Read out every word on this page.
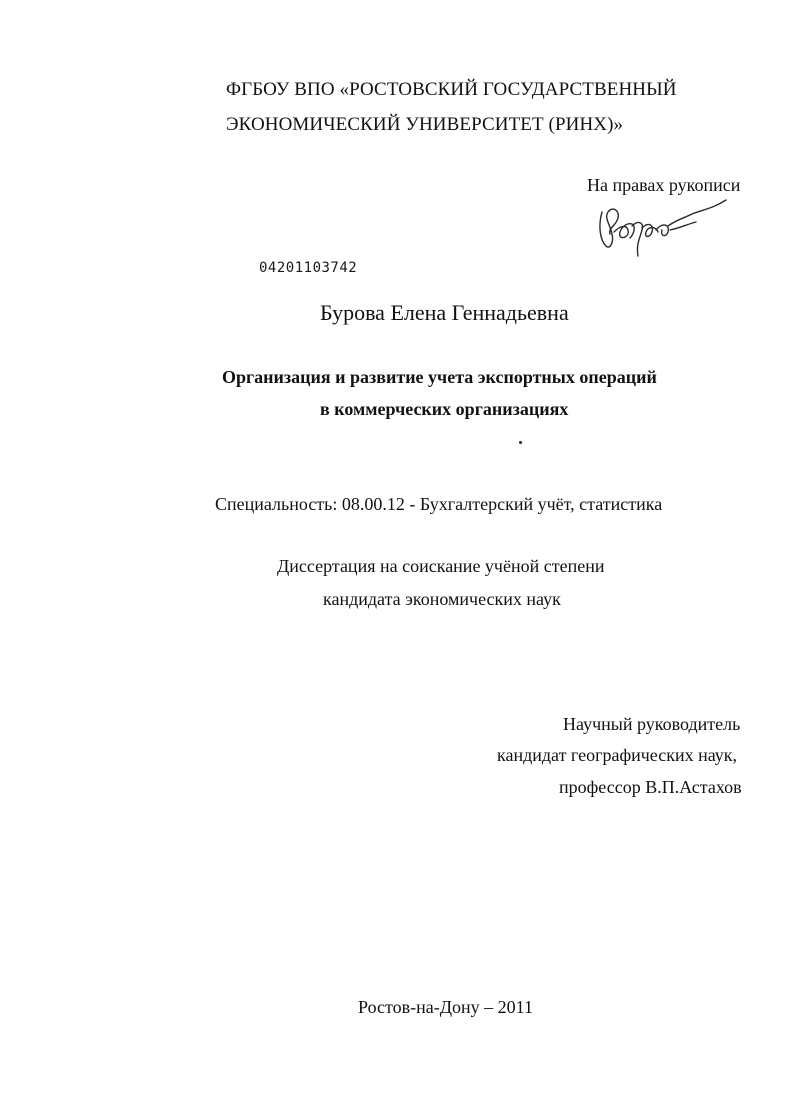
ФГБОУ ВПО «РОСТОВСКИЙ ГОСУДАРСТВЕННЫЙ
ЭКОНОМИЧЕСКИЙ УНИВЕРСИТЕТ (РИНХ)»
На правах рукописи
04201103742
Бурова Елена Геннадьевна
Организация и развитие учета экспортных операций
в коммерческих организациях
Специальность: 08.00.12 - Бухгалтерский учёт, статистика
Диссертация на соискание учёной степени
кандидата экономических наук
Научный руководитель
кандидат географических наук,
профессор В.П.Астахов
Ростов-на-Дону – 2011
